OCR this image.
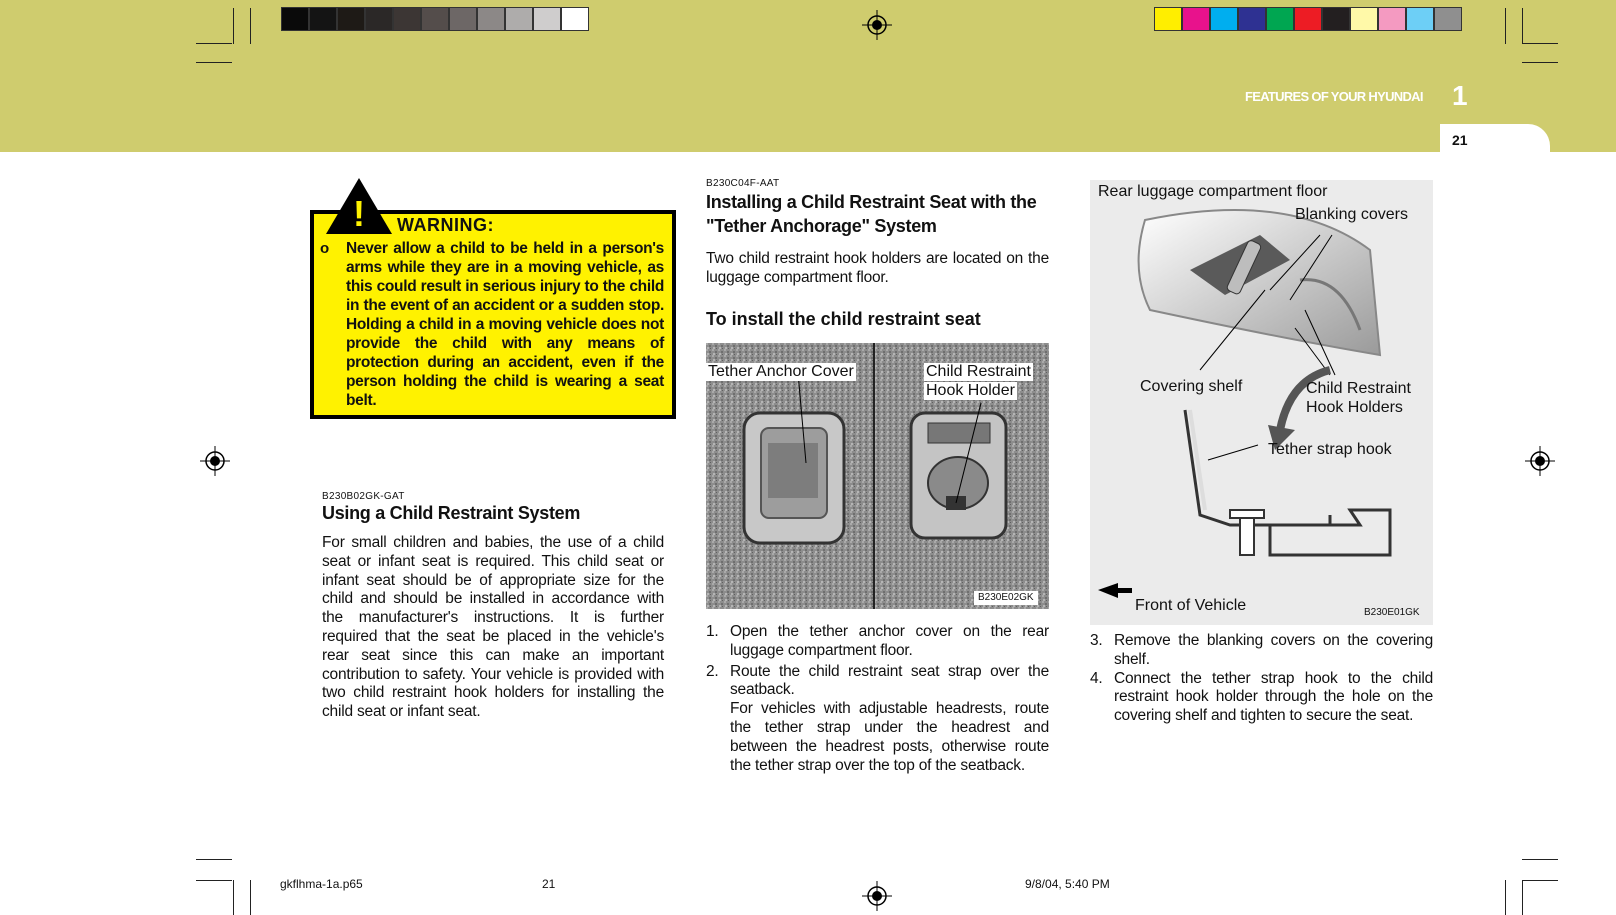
FEATURES OF YOUR HYUNDAI 1
21
! WARNING:
o Never allow a child to be held in a person's arms while they are in a moving vehicle, as this could result in serious injury to the child in the event of an accident or a sudden stop. Holding a child in a moving vehicle does not provide the child with any means of protection during an accident, even if the person holding the child is wearing a seat belt.
B230B02GK-GAT
Using a Child Restraint System
For small children and babies, the use of a child seat or infant seat is required. This child seat or infant seat should be of appropriate size for the child and should be installed in accordance with the manufacturer's instructions. It is further required that the seat be placed in the vehicle's rear seat since this can make an important contribution to safety. Your vehicle is provided with two child restraint hook holders for installing the child seat or infant seat.
B230C04F-AAT
Installing a Child Restraint Seat with the "Tether Anchorage" System
Two child restraint hook holders are located on the luggage compartment floor.
To install the child restraint seat
Tether Anchor Cover	Child Restraint
Hook Holder
B230E02GK
1. Open the tether anchor cover on the rear luggage compartment floor.
2. Route the child restraint seat strap over the seatback.
For vehicles with adjustable headrests, route the tether strap under the headrest and between the headrest posts, otherwise route the tether strap over the top of the seatback.
Rear luggage compartment floor
Blanking covers
Covering shelf	Child Restraint
Hook Holders
Tether strap hook
Front of Vehicle	B230E01GK
3. Remove the blanking covers on the covering shelf.
4. Connect the tether strap hook to the child restraint hook holder through the hole on the covering shelf and tighten to secure the seat.
gkflhma-1a.p65	21	9/8/04, 5:40 PM
